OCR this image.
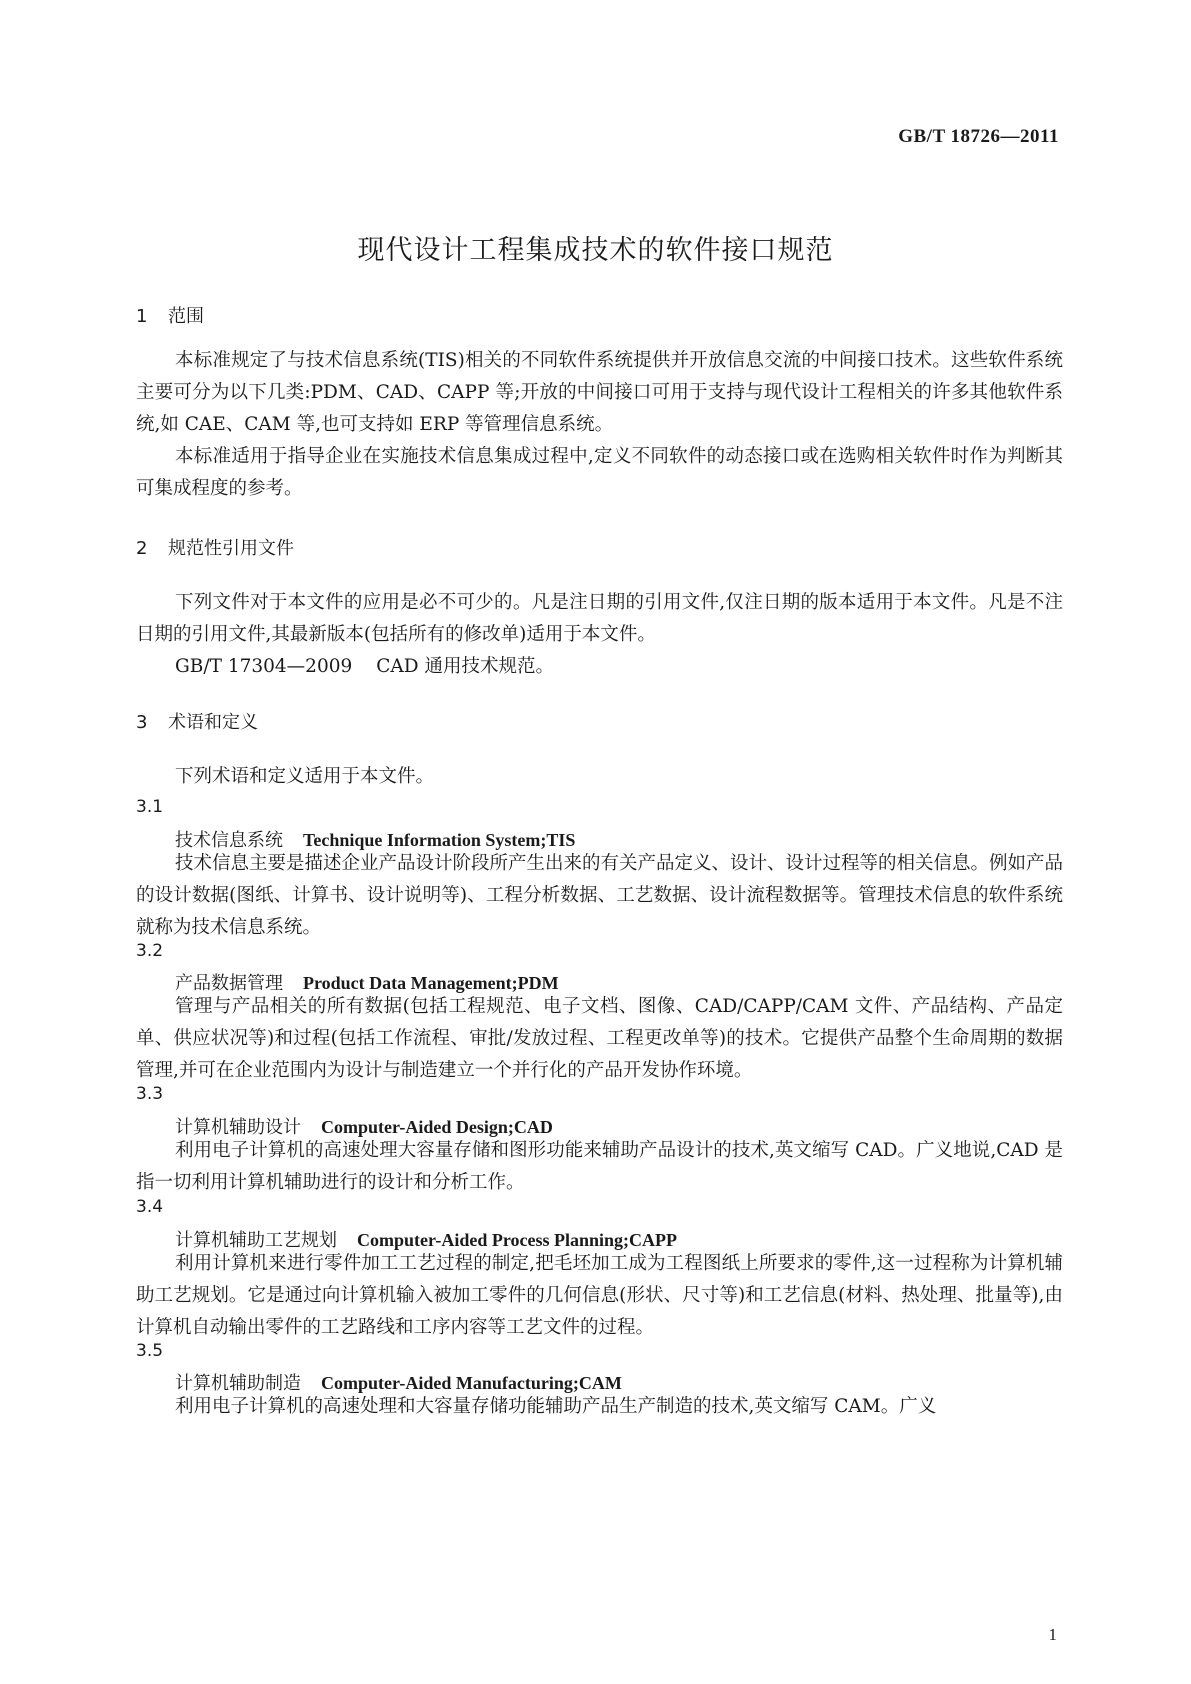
GB/T 18726—2011
现代设计工程集成技术的软件接口规范
1 范围
本标准规定了与技术信息系统(TIS)相关的不同软件系统提供并开放信息交流的中间接口技术。这些软件系统主要可分为以下几类:PDM、CAD、CAPP 等;开放的中间接口可用于支持与现代设计工程相关的许多其他软件系统,如 CAE、CAM 等,也可支持如 ERP 等管理信息系统。
本标准适用于指导企业在实施技术信息集成过程中,定义不同软件的动态接口或在选购相关软件时作为判断其可集成程度的参考。
2 规范性引用文件
下列文件对于本文件的应用是必不可少的。凡是注日期的引用文件,仅注日期的版本适用于本文件。凡是不注日期的引用文件,其最新版本(包括所有的修改单)适用于本文件。
GB/T 17304—2009 CAD 通用技术规范。
3 术语和定义
下列术语和定义适用于本文件。
3.1
技术信息系统 Technique Information System;TIS
技术信息主要是描述企业产品设计阶段所产生出来的有关产品定义、设计、设计过程等的相关信息。例如产品的设计数据(图纸、计算书、设计说明等)、工程分析数据、工艺数据、设计流程数据等。管理技术信息的软件系统就称为技术信息系统。
3.2
产品数据管理 Product Data Management;PDM
管理与产品相关的所有数据(包括工程规范、电子文档、图像、CAD/CAPP/CAM 文件、产品结构、产品定单、供应状况等)和过程(包括工作流程、审批/发放过程、工程更改单等)的技术。它提供产品整个生命周期的数据管理,并可在企业范围内为设计与制造建立一个并行化的产品开发协作环境。
3.3
计算机辅助设计 Computer-Aided Design;CAD
利用电子计算机的高速处理大容量存储和图形功能来辅助产品设计的技术,英文缩写 CAD。广义地说,CAD 是指一切利用计算机辅助进行的设计和分析工作。
3.4
计算机辅助工艺规划 Computer-Aided Process Planning;CAPP
利用计算机来进行零件加工工艺过程的制定,把毛坯加工成为工程图纸上所要求的零件,这一过程称为计算机辅助工艺规划。它是通过向计算机输入被加工零件的几何信息(形状、尺寸等)和工艺信息(材料、热处理、批量等),由计算机自动输出零件的工艺路线和工序内容等工艺文件的过程。
3.5
计算机辅助制造 Computer-Aided Manufacturing;CAM
利用电子计算机的高速处理和大容量存储功能辅助产品生产制造的技术,英文缩写 CAM。广义
1
